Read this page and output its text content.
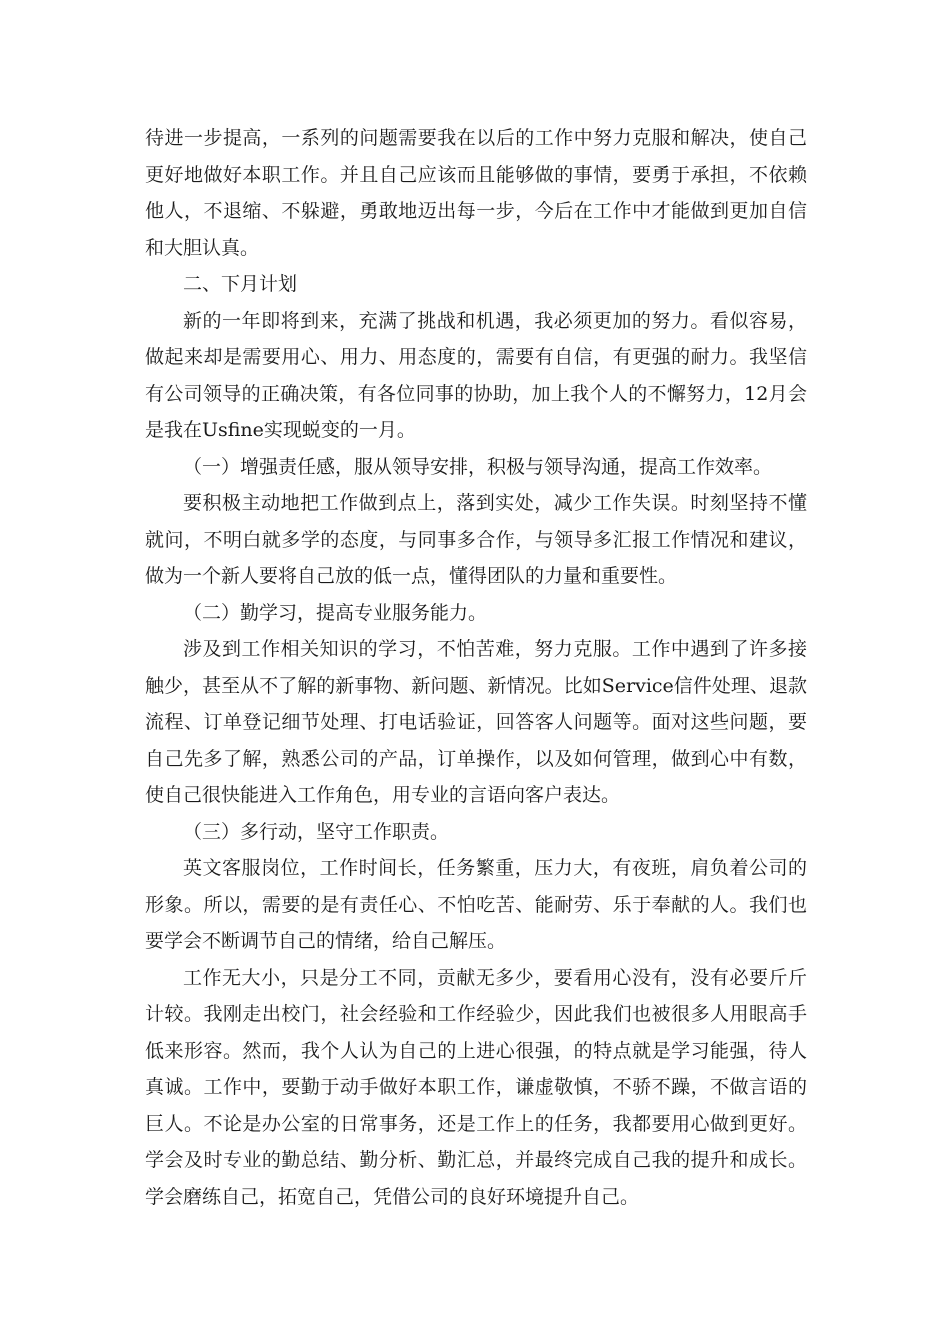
待进一步提高，一系列的问题需要我在以后的工作中努力克服和解决，使自己更好地做好本职工作。并且自己应该而且能够做的事情，要勇于承担，不依赖他人，不退缩、不躲避，勇敢地迈出每一步，今后在工作中才能做到更加自信和大胆认真。

二、下月计划

新的一年即将到来，充满了挑战和机遇，我必须更加的努力。看似容易，做起来却是需要用心、用力、用态度的，需要有自信，有更强的耐力。我坚信有公司领导的正确决策，有各位同事的协助，加上我个人的不懈努力，12月会是我在Usfine实现蜕变的一月。

（一）增强责任感，服从领导安排，积极与领导沟通，提高工作效率。

要积极主动地把工作做到点上，落到实处，减少工作失误。时刻坚持不懂就问，不明白就多学的态度，与同事多合作，与领导多汇报工作情况和建议，做为一个新人要将自己放的低一点，懂得团队的力量和重要性。

（二）勤学习，提高专业服务能力。

涉及到工作相关知识的学习，不怕苦难，努力克服。工作中遇到了许多接触少，甚至从不了解的新事物、新问题、新情况。比如Service信件处理、退款流程、订单登记细节处理、打电话验证，回答客人问题等。面对这些问题，要自己先多了解，熟悉公司的产品，订单操作，以及如何管理，做到心中有数，使自己很快能进入工作角色，用专业的言语向客户表达。

（三）多行动，坚守工作职责。

英文客服岗位，工作时间长，任务繁重，压力大，有夜班，肩负着公司的形象。所以，需要的是有责任心、不怕吃苦、能耐劳、乐于奉献的人。我们也要学会不断调节自己的情绪，给自己解压。

工作无大小，只是分工不同，贡献无多少，要看用心没有，没有必要斤斤计较。我刚走出校门，社会经验和工作经验少，因此我们也被很多人用眼高手低来形容。然而，我个人认为自己的上进心很强，的特点就是学习能强，待人真诚。工作中，要勤于动手做好本职工作，谦虚敬慎，不骄不躁，不做言语的巨人。不论是办公室的日常事务，还是工作上的任务，我都要用心做到更好。学会及时专业的勤总结、勤分析、勤汇总，并最终完成自己我的提升和成长。学会磨练自己，拓宽自己，凭借公司的良好环境提升自己。
